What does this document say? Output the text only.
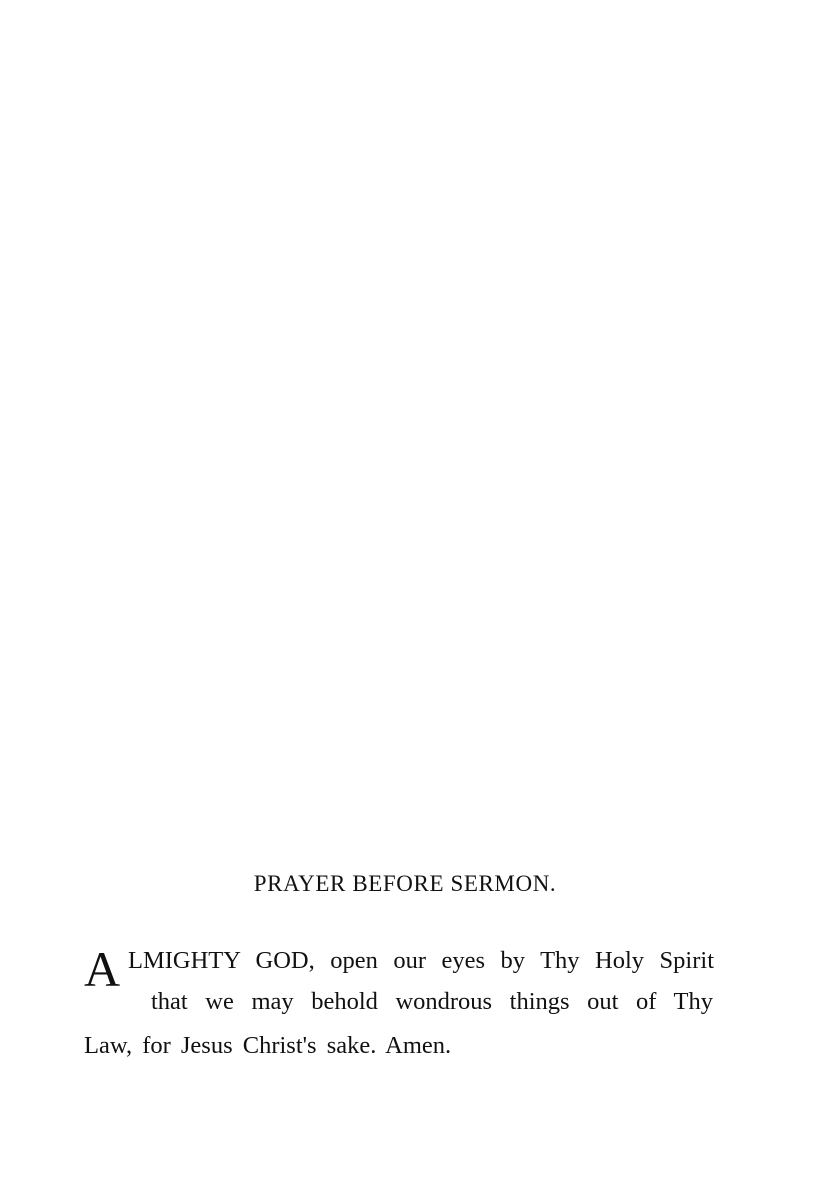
PRAYER BEFORE SERMON.
A LMIGHTY GOD, open our eyes by Thy Holy Spirit
that we may behold wondrous things out of Thy
Law, for Jesus Christ's sake. Amen.
